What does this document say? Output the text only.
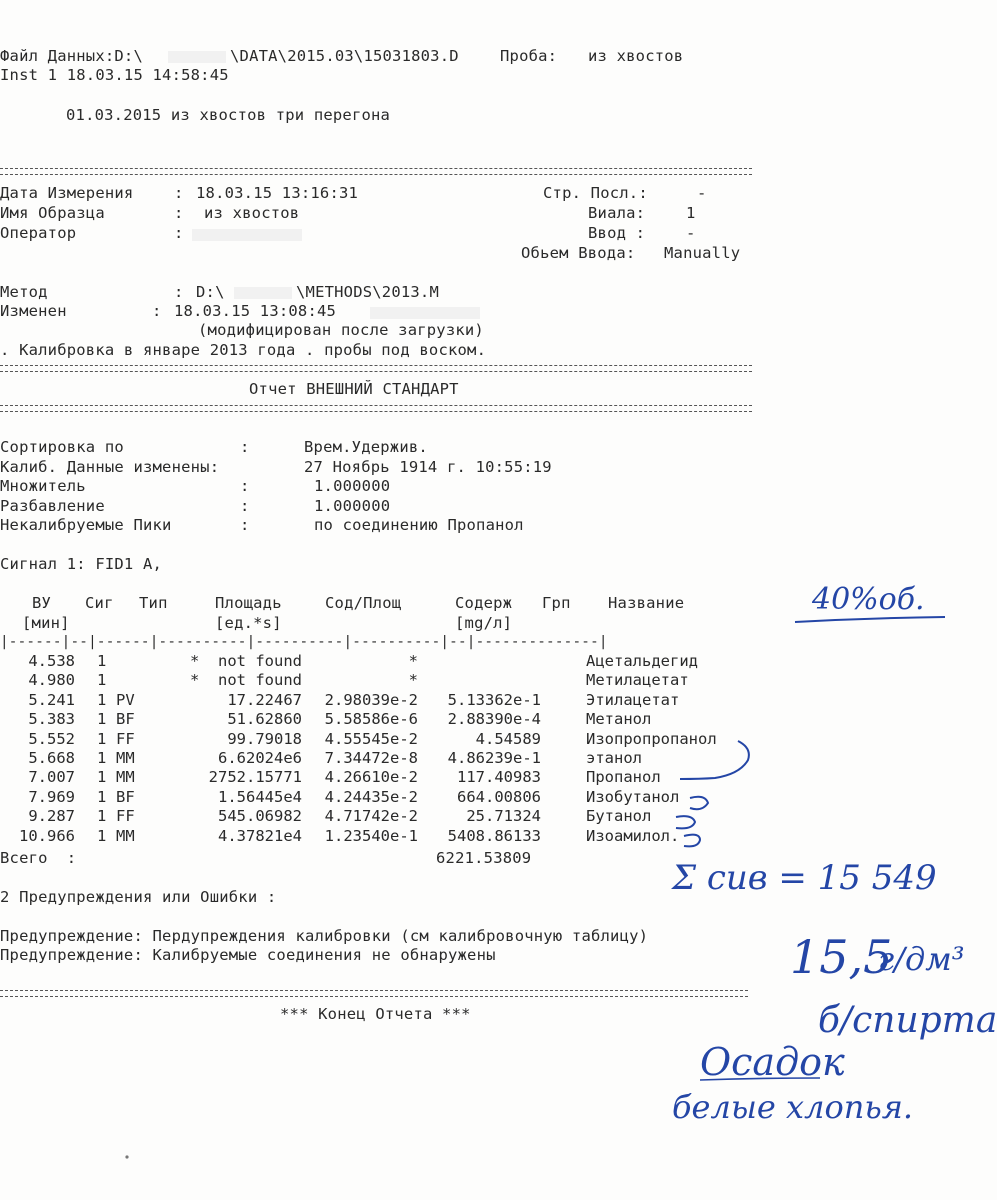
Файл Данных:D:\	\DATA\2015.03\15031803.D	Проба: из хвостов
Inst 1 18.03.15 14:58:45
01.03.2015 из хвостов три перегона
Дата Измерения	: 18.03.15 13:16:31	Стр. Посл.:	-
Имя Образца	: из хвостов	Виала:	1
Оператор	:	Ввод :	-
Обьем Ввода: Manually
Метод	: D:\	\METHODS\2013.M
Изменен	: 18.03.15 13:08:45
(модифицирован после загрузки)
. Калибровка в январе 2013 года . пробы под воском.
Отчет ВНЕШНИЙ СТАНДАРТ
Сортировка по	:	Врем.Удержив.
Калиб. Данные изменены:	27 Ноябрь 1914 г. 10:55:19
Множитель	:	1.000000
Разбавление	:	1.000000
Некалибруемые Пики	:	по соединению Пропанол
Сигнал 1: FID1 A,
ВУ Сиг Тип	Площадь	Сод/Площ	Содерж Грп Название
[мин]	[ед.*s]	[mg/л]
|------|--|------|----------|----------|----------|--|--------------|
4.538 1	*  not found	*	Ацетальдегид
4.980 1	*  not found	*	Метилацетат
5.241 1 PV	17.22467 2.98039e-2 5.13362e-1	Этилацетат
5.383 1 BF	51.62860 5.58586e-6 2.88390e-4	Метанол
5.552 1 FF	99.79018 4.55545e-2	4.54589	Изопропропанол
5.668 1 MM	6.62024e6 7.34472e-8 4.86239e-1	этанол
7.007 1 MM	2752.15771 4.26610e-2	117.40983	Пропанол
7.969 1 BF	1.56445e4 4.24435e-2	664.00806	Изобутанол
9.287 1 FF	545.06982 4.71742e-2	25.71324	Бутанол
10.966 1 MM	4.37821e4 1.23540e-1 5408.86133	Изоамилол.
Всего  :	6221.53809
2 Предупреждения или Ошибки :
Предупреждение: Пердупреждения калибровки (см калибровочную таблицу)
Предупреждение: Калибруемые соединения не обнаружены
*** Конец Отчета ***
40%об.
Σ сив = 15 549
15,5
г/дм³
б/спирта
Осадок
белые хлопья.
